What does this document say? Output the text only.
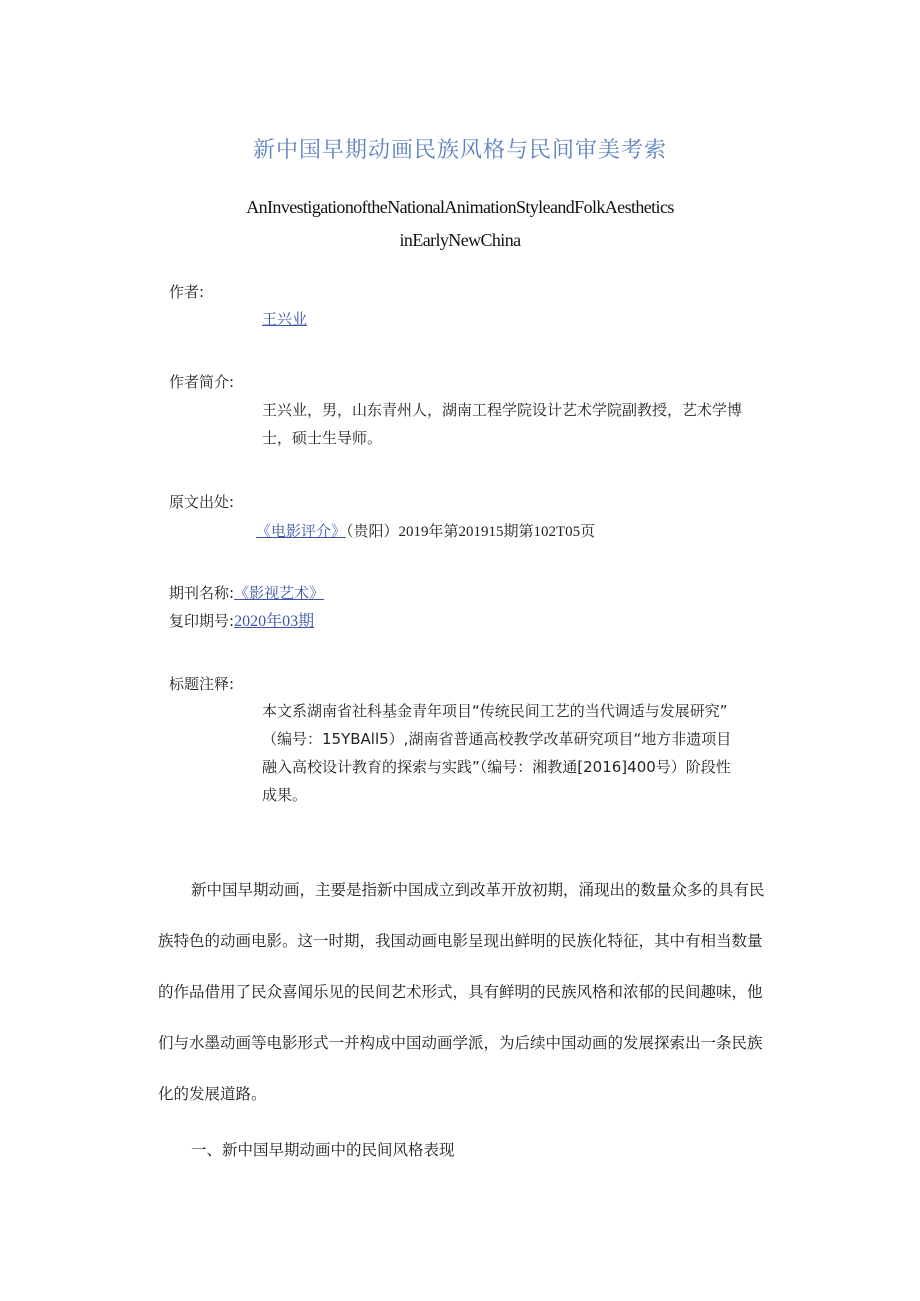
新中国早期动画民族风格与民间审美考索
AnInvestigationoftheNationalAnimationStyleandFolkAesthetics
inEarlyNewChina
作者:
王兴业
作者简介:
王兴业，男，山东青州人，湖南工程学院设计艺术学院副教授，艺术学博
士，硕士生导师。
原文出处:
《电影评介》（贵阳）2019年第201915期第102T05页
期刊名称:《影视艺术》
复印期号:2020年03期
标题注释:
本文系湖南省社科基金青年项目“传统民间工艺的当代调适与发展研究”
（编号：15YBAll5）,湖南省普通高校教学改革研究项目“地方非遗项目
融入高校设计教育的探索与实践”（编号：湘教通[2016]400号）阶段性
成果。
新中国早期动画，主要是指新中国成立到改革开放初期，涌现出的数量众多的具有民
族特色的动画电影。这一时期，我国动画电影呈现出鲜明的民族化特征，其中有相当数量
的作品借用了民众喜闻乐见的民间艺术形式，具有鲜明的民族风格和浓郁的民间趣味，他
们与水墨动画等电影形式一并构成中国动画学派，为后续中国动画的发展探索出一条民族
化的发展道路。
一、新中国早期动画中的民间风格表现
